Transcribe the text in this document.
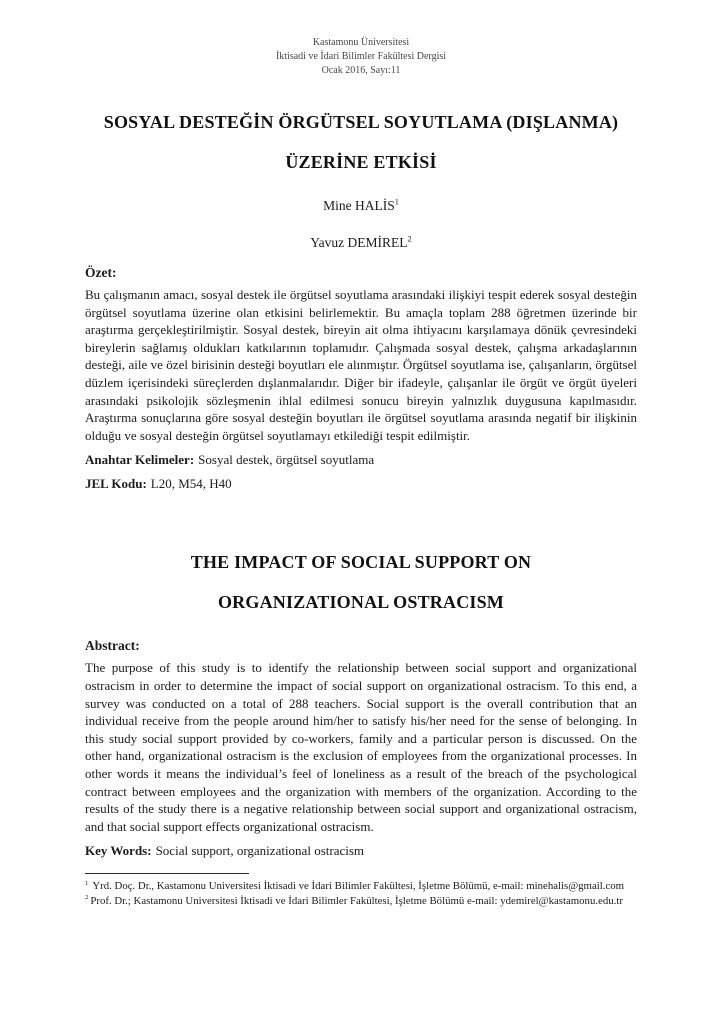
Kastamonu Üniversitesi
İktisadi ve İdari Bilimler Fakültesi Dergisi
Ocak 2016, Sayı:11
SOSYAL DESTEĞİN ÖRGÜTSEL SOYUTLAMA (DIŞLANMA)
ÜZERİNE ETKİSİ
Mine HALİS$^1$
Yavuz DEMİREL$^2$
Özet:
Bu çalışmanın amacı, sosyal destek ile örgütsel soyutlama arasındaki ilişkiyi tespit ederek sosyal desteğin örgütsel soyutlama üzerine olan etkisini belirlemektir. Bu amaçla toplam 288 öğretmen üzerinde bir araştırma gerçekleştirilmiştir. Sosyal destek, bireyin ait olma ihtiyacını karşılamaya dönük çevresindeki bireylerin sağlamış oldukları katkılarının toplamıdır. Çalışmada sosyal destek, çalışma arkadaşlarının desteği, aile ve özel birisinin desteği boyutları ele alınmıştır. Örgütsel soyutlama ise, çalışanların, örgütsel düzlem içerisindeki süreçlerden dışlanmalarıdır. Diğer bir ifadeyle, çalışanlar ile örgüt ve örgüt üyeleri arasındaki psikolojik sözleşmenin ihlal edilmesi sonucu bireyin yalnızlık duygusuna kapılmasıdır. Araştırma sonuçlarına göre sosyal desteğin boyutları ile örgütsel soyutlama arasında negatif bir ilişkinin olduğu ve sosyal desteğin örgütsel soyutlamayı etkilediği tespit edilmiştir.
Anahtar Kelimeler: Sosyal destek, örgütsel soyutlama
JEL Kodu: L20, M54, H40
THE IMPACT OF SOCIAL SUPPORT ON
ORGANIZATIONAL OSTRACISM
Abstract:
The purpose of this study is to identify the relationship between social support and organizational ostracism in order to determine the impact of social support on organizational ostracism. To this end, a survey was conducted on a total of 288 teachers. Social support is the overall contribution that an individual receive from the people around him/her to satisfy his/her need for the sense of belonging. In this study social support provided by co-workers, family and a particular person is discussed. On the other hand, organizational ostracism is the exclusion of employees from the organizational processes. In other words it means the individual’s feel of loneliness as a result of the breach of the psychological contract between employees and the organization with members of the organization. According to the results of the study there is a negative relationship between social support and organizational ostracism, and that social support effects organizational ostracism.
Key Words: Social support, organizational ostracism

$^1$ Yrd. Doç. Dr., Kastamonu Universitesi İktisadi ve İdari Bilimler Fakültesi, İşletme Bölümü, e-mail: minehalis@gmail.com

$^2$ Prof. Dr.; Kastamonu Universitesi İktisadi ve İdari Bilimler Fakültesi, İşletme Bölümü e-mail: ydemirel@kastamonu.edu.tr
